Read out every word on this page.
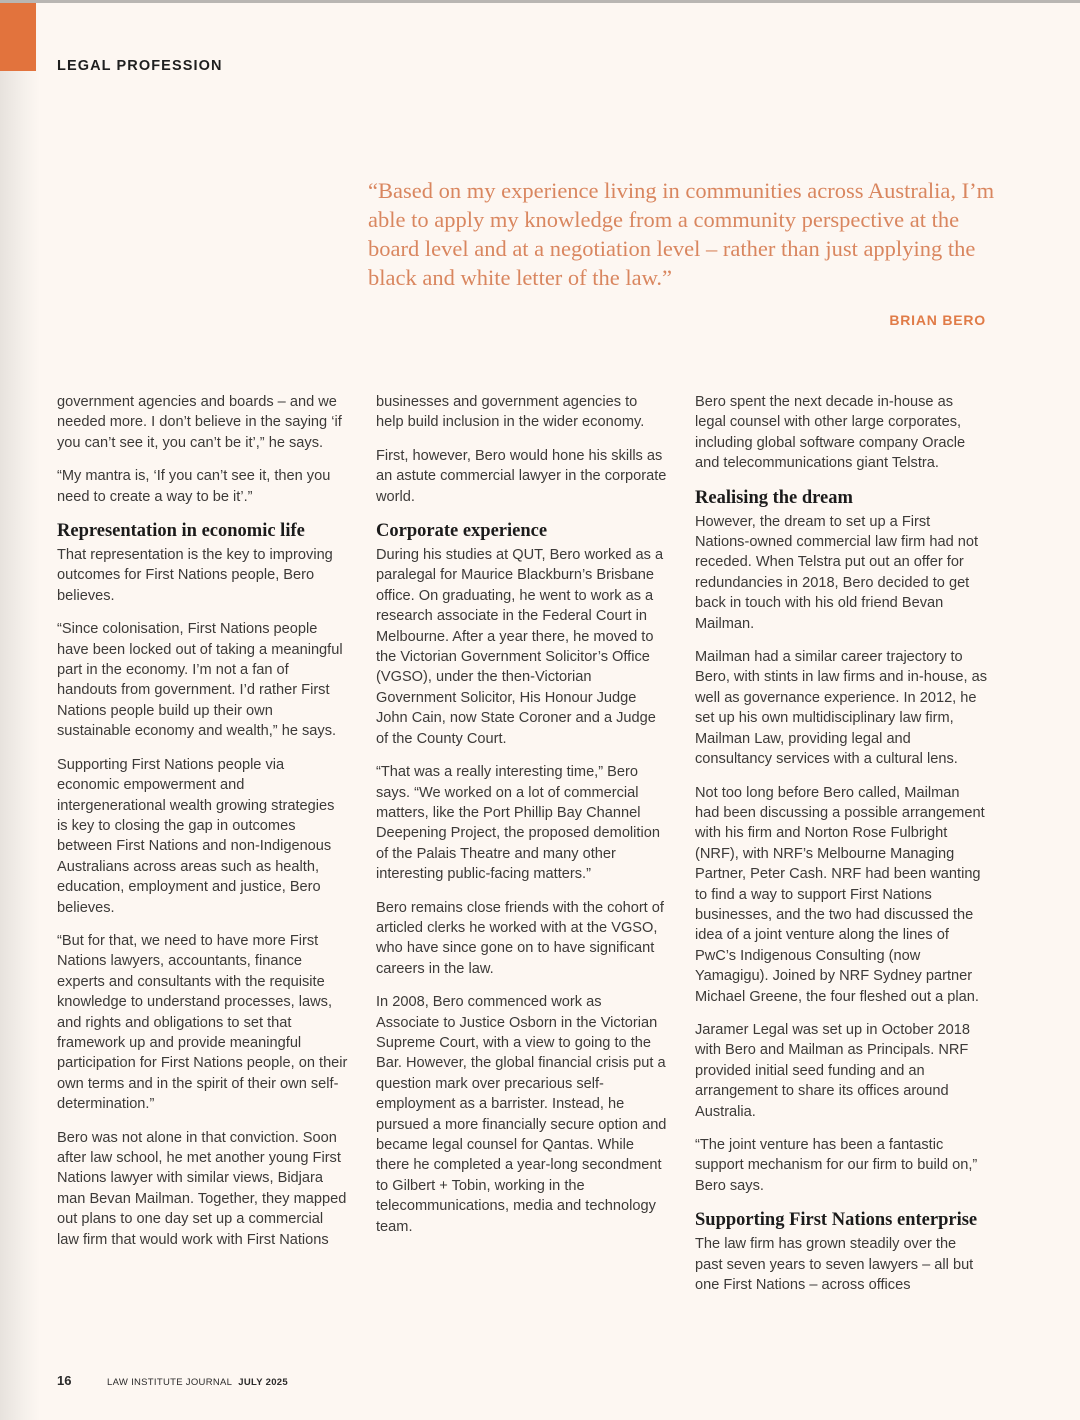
LEGAL PROFESSION
“Based on my experience living in communities across Australia, I’m able to apply my knowledge from a community perspective at the board level and at a negotiation level – rather than just applying the black and white letter of the law.”
BRIAN BERO

government agencies and boards – and we needed more. I don’t believe in the saying ‘if you can’t see it, you can’t be it’,” he says.

“My mantra is, ‘If you can’t see it, then you need to create a way to be it’.”

Representation in economic life

That representation is the key to improving outcomes for First Nations people, Bero believes.

“Since colonisation, First Nations people have been locked out of taking a meaningful part in the economy. I’m not a fan of handouts from government. I’d rather First Nations people build up their own sustainable economy and wealth,” he says.

Supporting First Nations people via economic empowerment and intergenerational wealth growing strategies is key to closing the gap in outcomes between First Nations and non-Indigenous Australians across areas such as health, education, employment and justice, Bero believes.

“But for that, we need to have more First Nations lawyers, accountants, finance experts and consultants with the requisite knowledge to understand processes, laws, and rights and obligations to set that framework up and provide meaningful participation for First Nations people, on their own terms and in the spirit of their own self-determination.”

Bero was not alone in that conviction. Soon after law school, he met another young First Nations lawyer with similar views, Bidjara man Bevan Mailman. Together, they mapped out plans to one day set up a commercial law firm that would work with First Nations

businesses and government agencies to help build inclusion in the wider economy.

First, however, Bero would hone his skills as an astute commercial lawyer in the corporate world.

Corporate experience

During his studies at QUT, Bero worked as a paralegal for Maurice Blackburn’s Brisbane office. On graduating, he went to work as a research associate in the Federal Court in Melbourne. After a year there, he moved to the Victorian Government Solicitor’s Office (VGSO), under the then-Victorian Government Solicitor, His Honour Judge John Cain, now State Coroner and a Judge of the County Court.

“That was a really interesting time,” Bero says. “We worked on a lot of commercial matters, like the Port Phillip Bay Channel Deepening Project, the proposed demolition of the Palais Theatre and many other interesting public-facing matters.”

Bero remains close friends with the cohort of articled clerks he worked with at the VGSO, who have since gone on to have significant careers in the law.

In 2008, Bero commenced work as Associate to Justice Osborn in the Victorian Supreme Court, with a view to going to the Bar. However, the global financial crisis put a question mark over precarious self-employment as a barrister. Instead, he pursued a more financially secure option and became legal counsel for Qantas. While there he completed a year-long secondment to Gilbert + Tobin, working in the telecommunications, media and technology team.

Bero spent the next decade in-house as legal counsel with other large corporates, including global software company Oracle and telecommunications giant Telstra.

Realising the dream

However, the dream to set up a First Nations-owned commercial law firm had not receded. When Telstra put out an offer for redundancies in 2018, Bero decided to get back in touch with his old friend Bevan Mailman.

Mailman had a similar career trajectory to Bero, with stints in law firms and in-house, as well as governance experience. In 2012, he set up his own multidisciplinary law firm, Mailman Law, providing legal and consultancy services with a cultural lens.

Not too long before Bero called, Mailman had been discussing a possible arrangement with his firm and Norton Rose Fulbright (NRF), with NRF’s Melbourne Managing Partner, Peter Cash. NRF had been wanting to find a way to support First Nations businesses, and the two had discussed the idea of a joint venture along the lines of PwC’s Indigenous Consulting (now Yamagigu). Joined by NRF Sydney partner Michael Greene, the four fleshed out a plan.

Jaramer Legal was set up in October 2018 with Bero and Mailman as Principals. NRF provided initial seed funding and an arrangement to share its offices around Australia.

“The joint venture has been a fantastic support mechanism for our firm to build on,” Bero says.

Supporting First Nations enterprise

The law firm has grown steadily over the past seven years to seven lawyers – all but one First Nations – across offices

16	LAW INSTITUTE JOURNAL JULY 2025
